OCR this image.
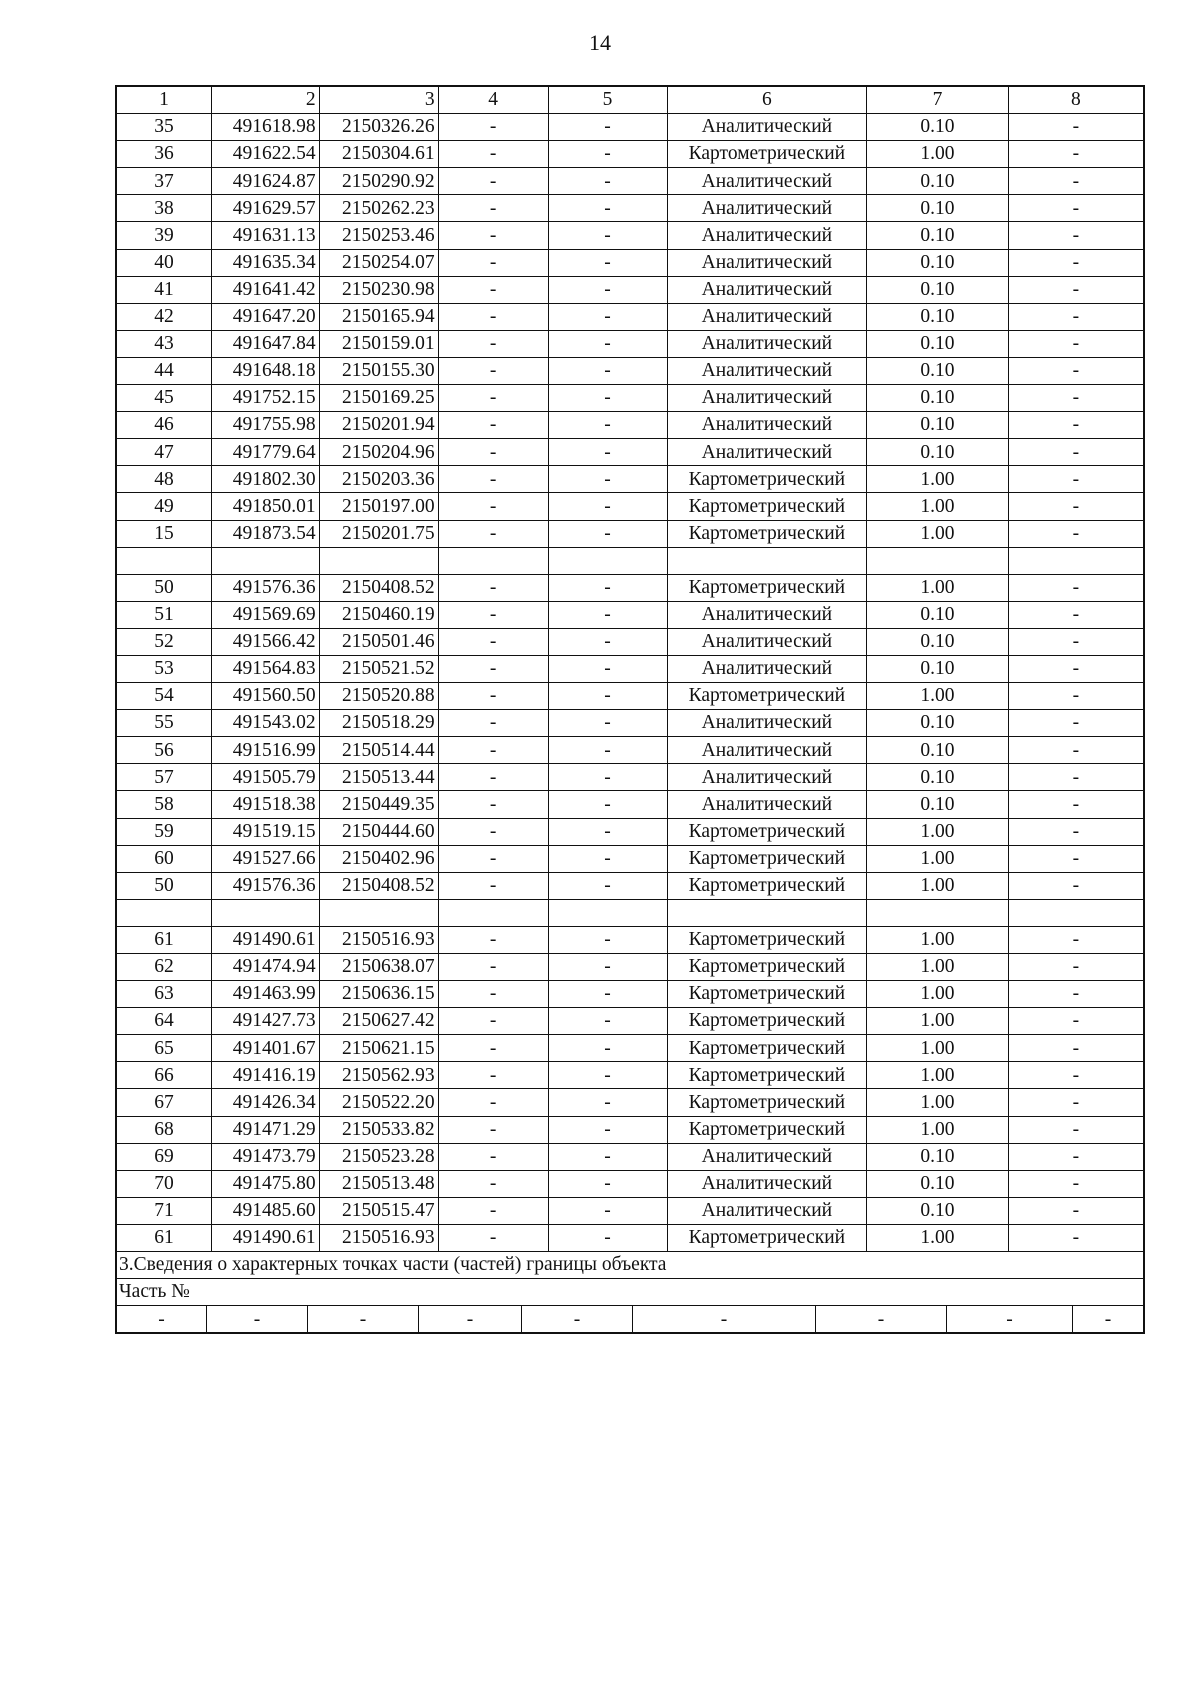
14
1	2	3	4	5	6	7	8
35	491618.98	2150326.26	-	-	Аналитический	0.10	-
36	491622.54	2150304.61	-	-	Картометрический	1.00	-
37	491624.87	2150290.92	-	-	Аналитический	0.10	-
38	491629.57	2150262.23	-	-	Аналитический	0.10	-
39	491631.13	2150253.46	-	-	Аналитический	0.10	-
40	491635.34	2150254.07	-	-	Аналитический	0.10	-
41	491641.42	2150230.98	-	-	Аналитический	0.10	-
42	491647.20	2150165.94	-	-	Аналитический	0.10	-
43	491647.84	2150159.01	-	-	Аналитический	0.10	-
44	491648.18	2150155.30	-	-	Аналитический	0.10	-
45	491752.15	2150169.25	-	-	Аналитический	0.10	-
46	491755.98	2150201.94	-	-	Аналитический	0.10	-
47	491779.64	2150204.96	-	-	Аналитический	0.10	-
48	491802.30	2150203.36	-	-	Картометрический	1.00	-
49	491850.01	2150197.00	-	-	Картометрический	1.00	-
15	491873.54	2150201.75	-	-	Картометрический	1.00	-

50	491576.36	2150408.52	-	-	Картометрический	1.00	-
51	491569.69	2150460.19	-	-	Аналитический	0.10	-
52	491566.42	2150501.46	-	-	Аналитический	0.10	-
53	491564.83	2150521.52	-	-	Аналитический	0.10	-
54	491560.50	2150520.88	-	-	Картометрический	1.00	-
55	491543.02	2150518.29	-	-	Аналитический	0.10	-
56	491516.99	2150514.44	-	-	Аналитический	0.10	-
57	491505.79	2150513.44	-	-	Аналитический	0.10	-
58	491518.38	2150449.35	-	-	Аналитический	0.10	-
59	491519.15	2150444.60	-	-	Картометрический	1.00	-
60	491527.66	2150402.96	-	-	Картометрический	1.00	-
50	491576.36	2150408.52	-	-	Картометрический	1.00	-

61	491490.61	2150516.93	-	-	Картометрический	1.00	-
62	491474.94	2150638.07	-	-	Картометрический	1.00	-
63	491463.99	2150636.15	-	-	Картометрический	1.00	-
64	491427.73	2150627.42	-	-	Картометрический	1.00	-
65	491401.67	2150621.15	-	-	Картометрический	1.00	-
66	491416.19	2150562.93	-	-	Картометрический	1.00	-
67	491426.34	2150522.20	-	-	Картометрический	1.00	-
68	491471.29	2150533.82	-	-	Картометрический	1.00	-
69	491473.79	2150523.28	-	-	Аналитический	0.10	-
70	491475.80	2150513.48	-	-	Аналитический	0.10	-
71	491485.60	2150515.47	-	-	Аналитический	0.10	-
61	491490.61	2150516.93	-	-	Картометрический	1.00	-
3.Сведения о характерных точках части (частей) границы объекта
Часть №

-	-	-	-	-	-	-	-	-
